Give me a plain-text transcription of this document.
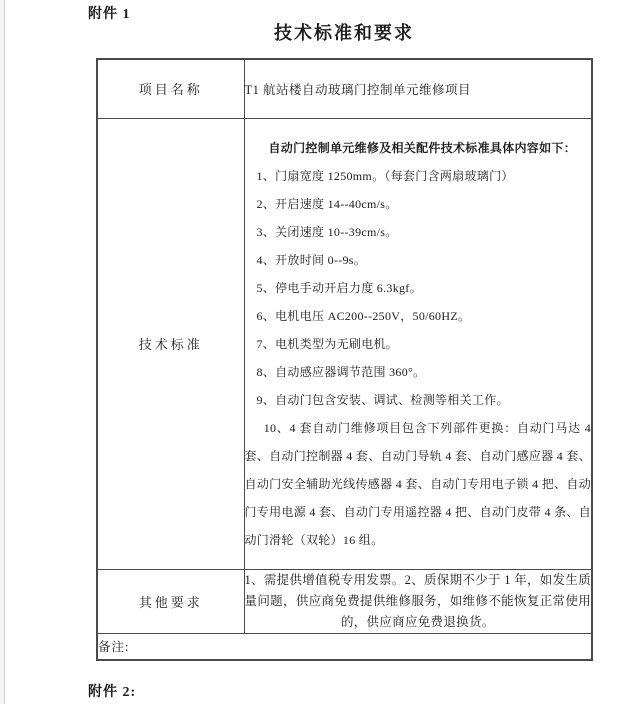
附件 1
技术标准和要求
项目名称	T1 航站楼自动玻璃门控制单元维修项目
技术标准	

自动门控制单元维修及相关配件技术标准具体内容如下：

1、门扇宽度 1250mm。（每套门含两扇玻璃门）

2、开启速度 14--40cm/s。

3、关闭速度 10--39cm/s。

4、开放时间 0--9s。

5、停电手动开启力度 6.3kgf。

6、电机电压 AC200--250V，50/60HZ。

7、电机类型为无刷电机。

8、自动感应器调节范围 360°。

9、自动门包含安装、调试、检测等相关工作。

10、4 套自动门维修项目包含下列部件更换：自动门马达 4 套、自动门控制器 4 套、自动门导轨 4 套、自动门感应器 4 套、自动门安全辅助光线传感器 4 套、自动门专用电子锁 4 把、自动门专用电源 4 套、自动门专用遥控器 4 把、自动门皮带 4 条、自动门滑轮（双轮）16 组。

其他要求	1、需提供增值税专用发票。2、质保期不少于 1 年，如发生质量问题，供应商免费提供维修服务，如维修不能恢复正常使用的，供应商应免费退换货。
备注:	
附件 2:
